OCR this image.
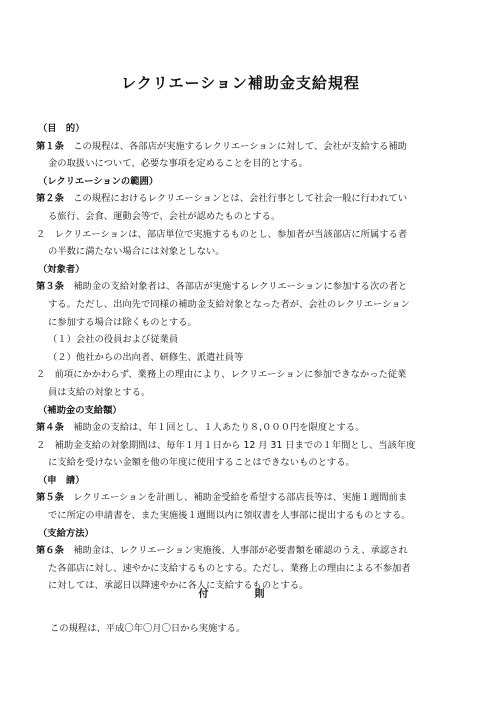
レクリエーション補助金支給規程

（目　的）

第１条　この規程は、各部店が実施するレクリエーションに対して、会社が支給する補助

金の取扱いについて、必要な事項を定めることを目的とする。

（レクリエーションの範囲）

第２条　この規程におけるレクリエーションとは、会社行事として社会一般に行われてい

る旅行、会食、運動会等で、会社が認めたものとする。

２　レクリエーションは、部店単位で実施するものとし、参加者が当該部店に所属する者

の半数に満たない場合には対象としない。

（対象者）

第３条　補助金の支給対象者は、各部店が実施するレクリエーションに参加する次の者と

する。ただし、出向先で同様の補助金支給対象となった者が、会社のレクリエーション

に参加する場合は除くものとする。

（１）会社の役員および従業員

（２）他社からの出向者、研修生、派遣社員等

２　前項にかかわらず、業務上の理由により、レクリエーションに参加できなかった従業

員は支給の対象とする。

（補助金の支給額）

第４条　補助金の支給は、年１回とし、１人あたり８,０００円を限度とする。

２　補助金支給の対象期間は、毎年１月１日から 12 月 31 日までの１年間とし、当該年度

に支給を受けない金額を他の年度に使用することはできないものとする。

（申　請）

第５条　レクリエーションを計画し、補助金受給を希望する部店長等は、実施１週間前ま

でに所定の申請書を、また実施後１週間以内に領収書を人事部に提出するものとする。

（支給方法）

第６条　補助金は、レクリエーション実施後、人事部が必要書類を確認のうえ、承認され

た各部店に対し、速やかに支給するものとする。ただし、業務上の理由による不参加者

に対しては、承認日以降速やかに各人に支給するものとする。

付　則
この規程は、平成〇年〇月〇日から実施する。
